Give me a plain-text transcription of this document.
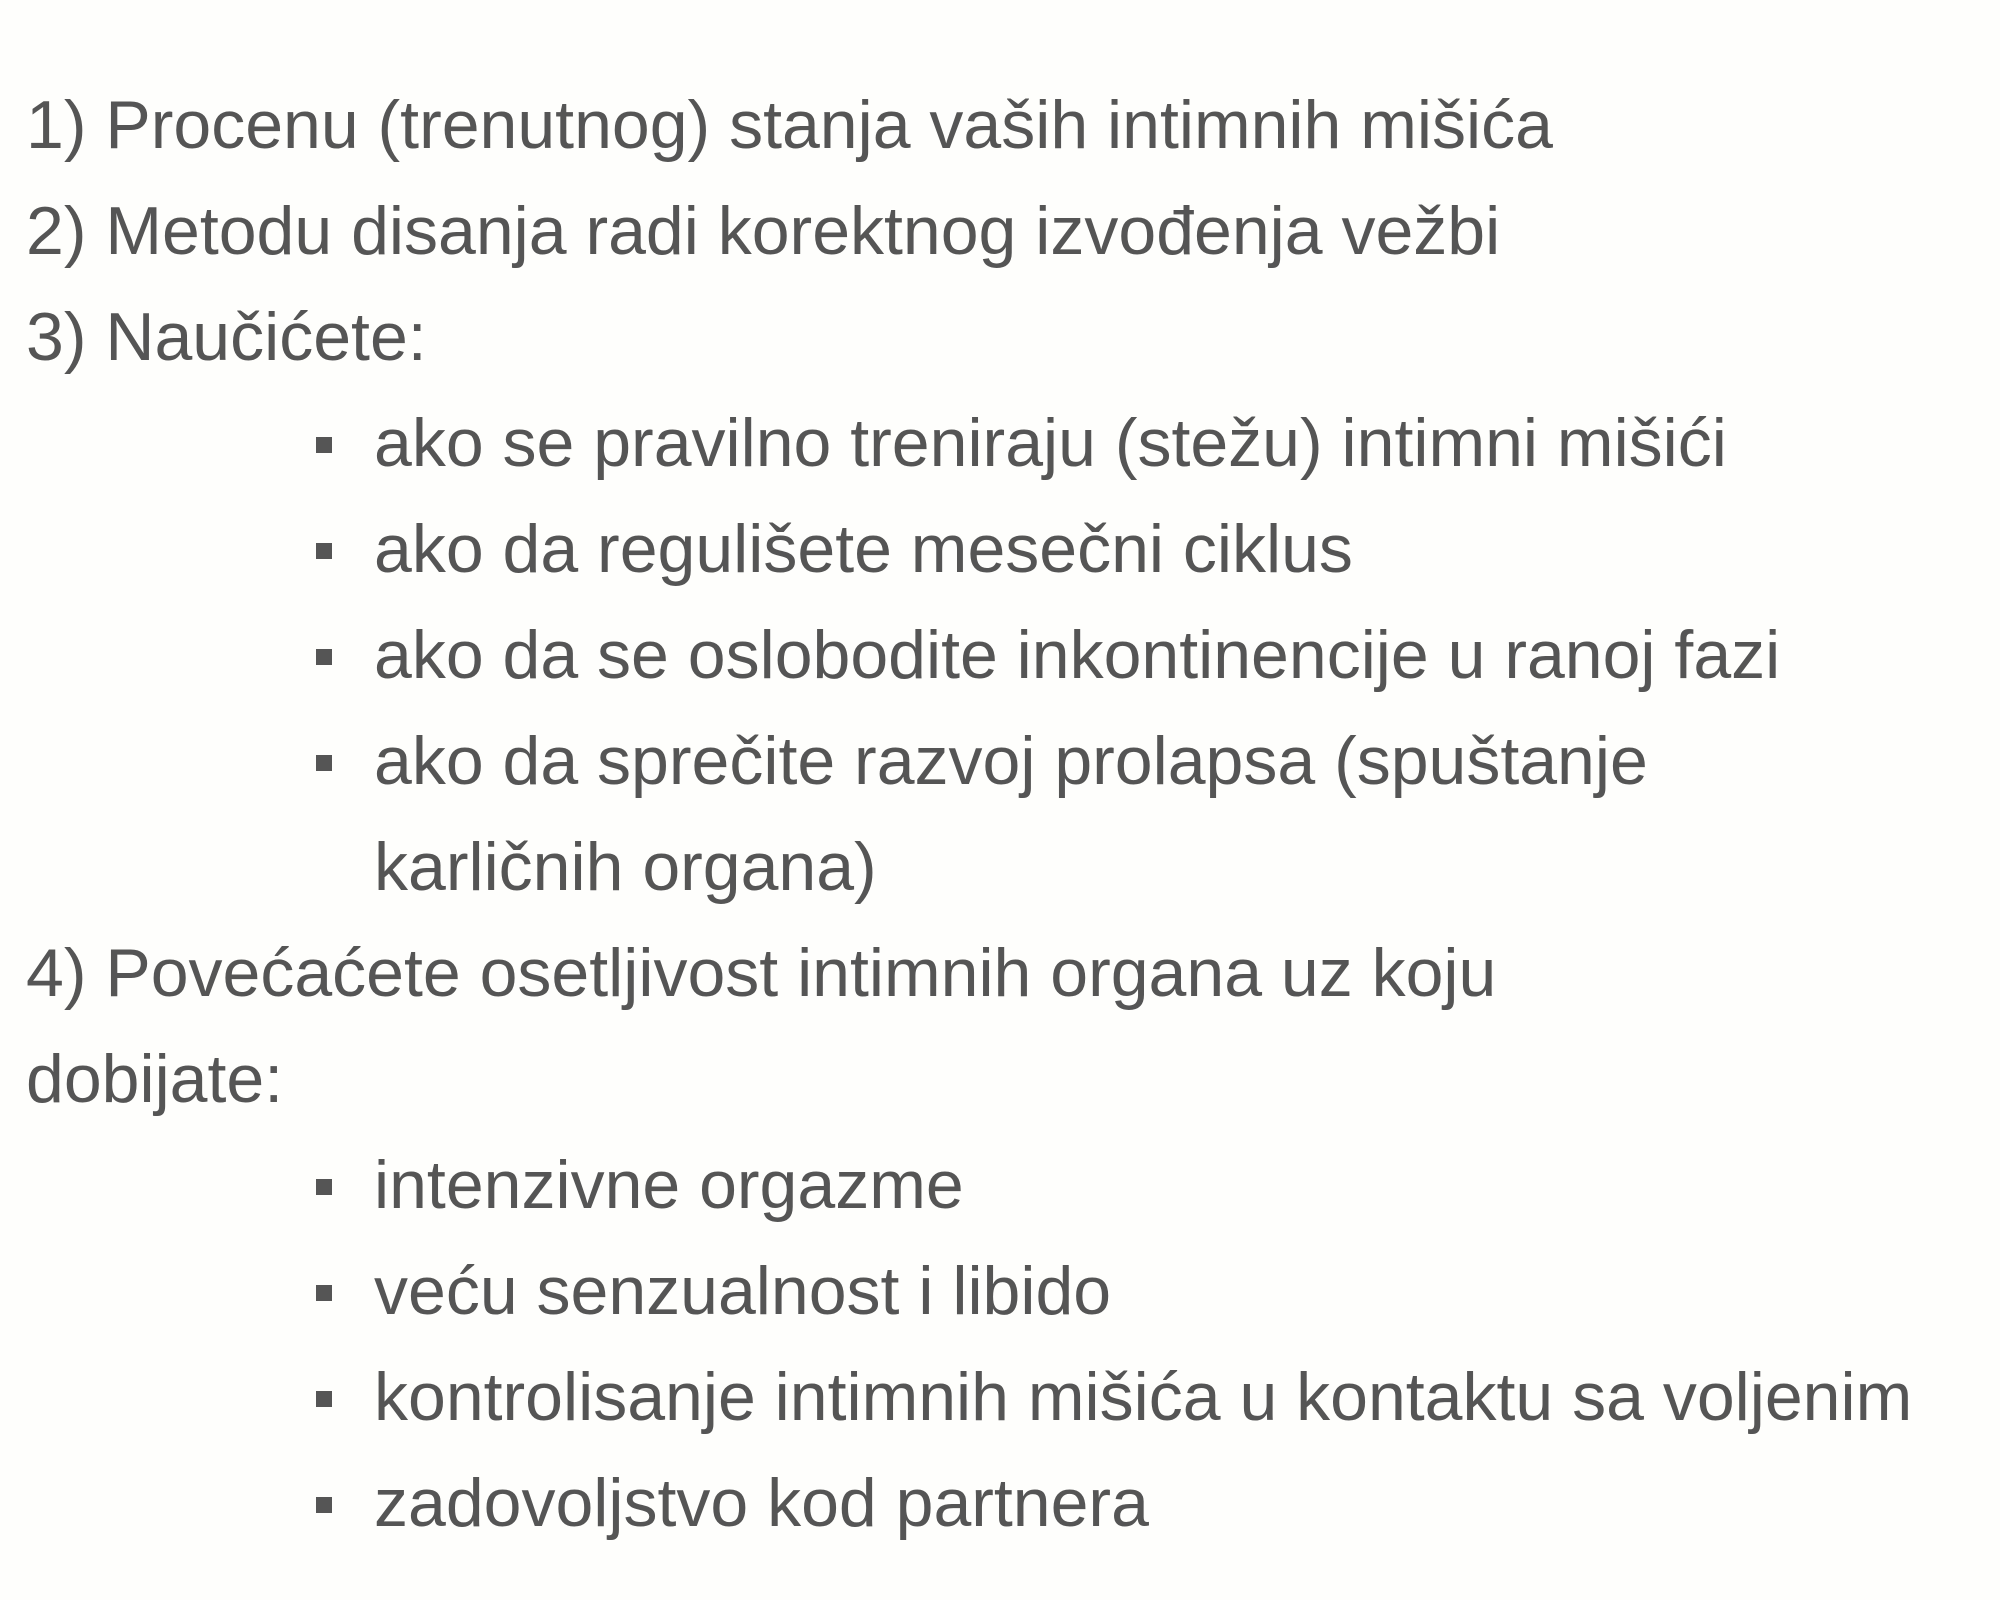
1) Procenu (trenutnog) stanja vaših intimnih mišića
2) Metodu disanja radi korektnog izvođenja vežbi
3) Naučićete:
ako se pravilno treniraju (stežu) intimni mišići
ako da regulišete mesečni ciklus
ako da se oslobodite inkontinencije u ranoj fazi
ako da sprečite razvoj prolapsa (spuštanje
karličnih organa)
4) Povećaćete osetljivost intimnih organa uz koju
dobijate:
intenzivne orgazme
veću senzualnost i libido
kontrolisanje intimnih mišića u kontaktu sa voljenim
zadovoljstvo kod partnera
